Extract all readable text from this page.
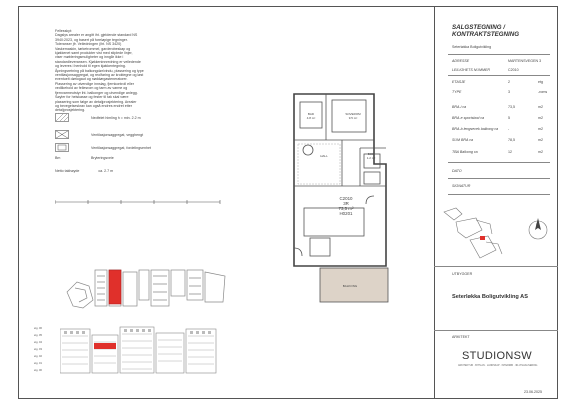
Fellesskyt:
Dagslys arealer er angitt iht. gjeldende standard NS
3940:2023, og basert på foreløpige tegninger.
Toleranser jfr. Veiledningen (iht. NS 3420)
Vaskemaskin, tørketrommel, garderobeskap og
kjøkkenet samt produkter vist med stiplede linjer,
viser møbleringsmuligheter og inngår ikke i
standardleveransen. Kjøkkeninnredning er veiledende
og leveres i henhold til egen kjøkkentegning.
Åpningsretning på balkongdør/vindu, plassering og type
ventilasjonsaggregat, og reolfaring av kroktegne og løst
eventuelt dørlogaut og nøddørgasteneratorer.
Plassering av utvendige innslag, fjernkontroll eller
vedlikehold av fellesrom og tarm av varme og
fjernvarmeutstyr iht. balkonger og utvendige anlegg.
Søyler for heiskasse og fester til tak skal være
plassering som følge av detaljprosjektering. Arealer
og bevegelseskrav kan også endres endret etter
detaljprosjektering.
Nedfelet himling h = min. 2.2 m
Ventilasjonsaggregat, vegghengt
Ventilasjonsaggregat, fordelingsenhet
Bm	Bryteringsveie
Netto takhøyde	ca. 2.7 m
etg. 06
etg. 05
etg. 04
etg. 03
etg. 02
etg. 01
etg. 00
BAD
4.8 m²
SOVEROM
9.5 m²
BOD
1.2 m²
HALL
C2010
3R
73,5 m²
H0201
BALKONG
SALGSTEGNING /
KONTRAKTSTEGNING
Seterløkka Boligutvikling
ADRESSE	MARTENSVEGEN 3
LEILIGHETS NUMMER	C2010
ETASJE	2	etg
TYPE	3	-roms
BRA-i ca	73,5	m2
BRA-e sportsbod ca	5	m2
BRA-b lengsevek balkong ca	-	m2
SUM BRA ca	78,5	m2
TBA Balkong ca	12	m2
DATO
SIGNATUR
N
UTBYGGER
Seterløkka Boligutvikling AS
ARKITEKT
STUDIONSW
ARKITEKTUR · BYPLAN · LANDSKAP · INTERIØR · 3D-VISUALISERING
23.06.2025
